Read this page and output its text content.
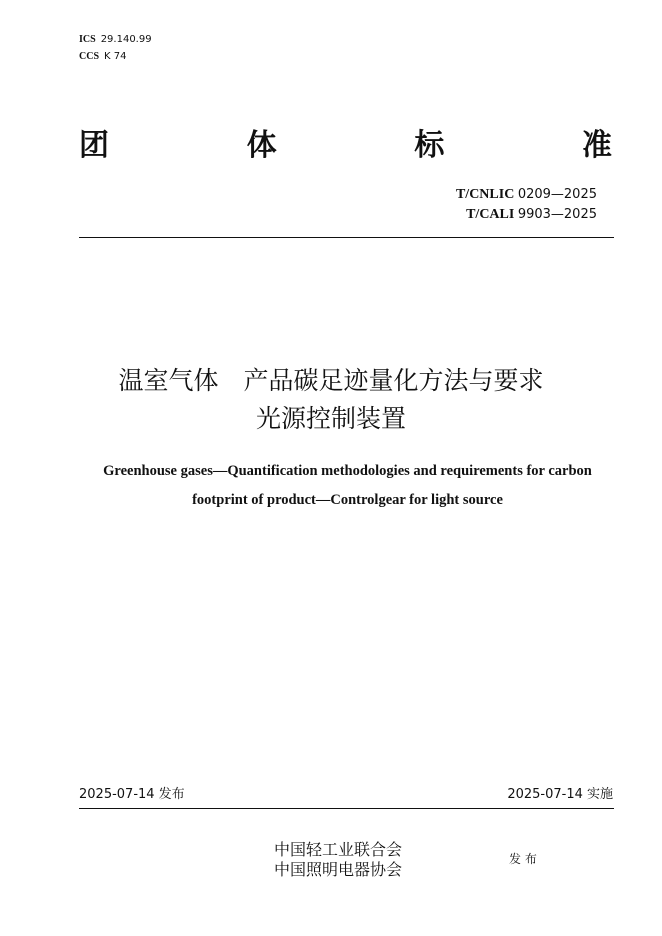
ICS 29.140.99
CCS K 74
团	体	标	准
T/CNLIC 0209—2025
T/CALI 9903—2025
温室气体　产品碳足迹量化方法与要求
光源控制装置
Greenhouse gases—Quantification methodologies and requirements for carbon
footprint of product—Controlgear for light source
2025-07-14 发布	2025-07-14 实施
中国轻工业联合会
中国照明电器协会
发 布
